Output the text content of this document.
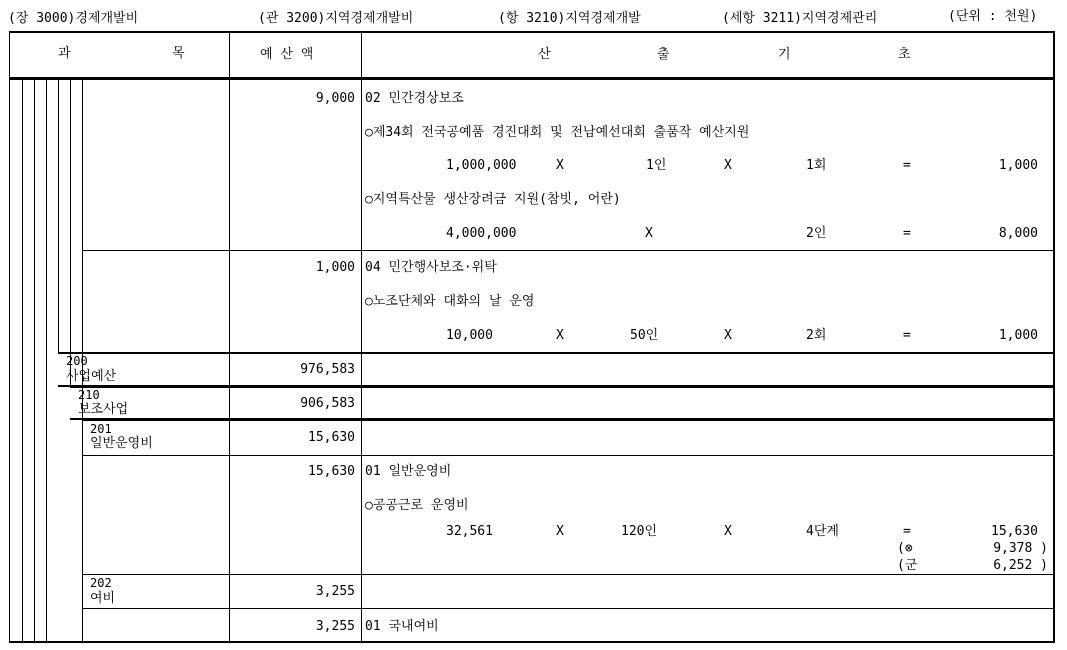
(장 3000)경제개발비	(관 3200)지역경제개발비	(항 3210)지역경제개발	(세항 3211)지역경제관리	(단위 : 천원)
과	목	예 산 액	산	출	기	초
9,000 02 민간경상보조
○제34회 전국공예품 경진대회 및 전남예선대회 출품작 예산지원
1,000,000	X	1인	X	1회	=	1,000
○지역특산물 생산장려금 지원(참빗, 어란)
4,000,000	X	2인	=	8,000
1,000 04 민간행사보조·위탁
○노조단체와 대화의 날 운영
10,000	X	50인	X	2회	=	1,000
200
사업예산	976,583
210
보조사업	906,583
201
일반운영비	15,630
15,630 01 일반운영비
○공공근로 운영비
32,561	X	120인	X	4단계	=	15,630
(⊗	9,378 )
(군	6,252 )
202
여비	3,255
3,255 01 국내여비
